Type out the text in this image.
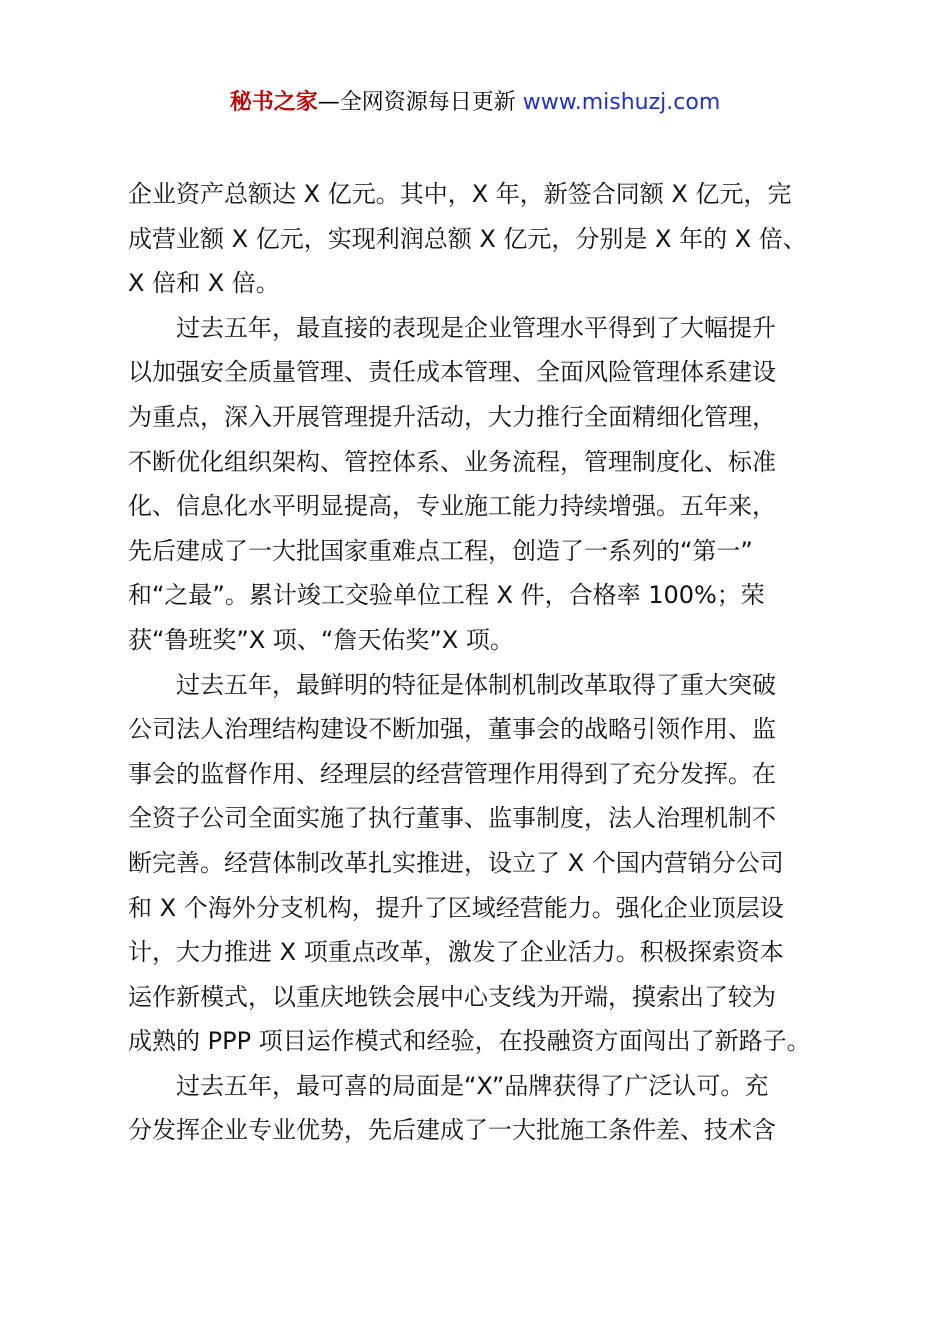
秘书之家—全网资源每日更新 www.mishuzj.com
企业资产总额达 X 亿元。其中，X 年，新签合同额 X 亿元，完
成营业额 X 亿元，实现利润总额 X 亿元，分别是 X 年的 X 倍、
X 倍和 X 倍。
过去五年，最直接的表现是企业管理水平得到了大幅提升
以加强安全质量管理、责任成本管理、全面风险管理体系建设
为重点，深入开展管理提升活动，大力推行全面精细化管理，
不断优化组织架构、管控体系、业务流程，管理制度化、标准
化、信息化水平明显提高，专业施工能力持续增强。五年来，
先后建成了一大批国家重难点工程，创造了一系列的“第一”
和“之最”。累计竣工交验单位工程 X 件，合格率 100%；荣
获“鲁班奖”X 项、“詹天佑奖”X 项。
过去五年，最鲜明的特征是体制机制改革取得了重大突破
公司法人治理结构建设不断加强，董事会的战略引领作用、监
事会的监督作用、经理层的经营管理作用得到了充分发挥。在
全资子公司全面实施了执行董事、监事制度，法人治理机制不
断完善。经营体制改革扎实推进，设立了 X 个国内营销分公司
和 X 个海外分支机构，提升了区域经营能力。强化企业顶层设
计，大力推进 X 项重点改革，激发了企业活力。积极探索资本
运作新模式，以重庆地铁会展中心支线为开端，摸索出了较为
成熟的 PPP 项目运作模式和经验，在投融资方面闯出了新路子。
过去五年，最可喜的局面是“X”品牌获得了广泛认可。充
分发挥企业专业优势，先后建成了一大批施工条件差、技术含
